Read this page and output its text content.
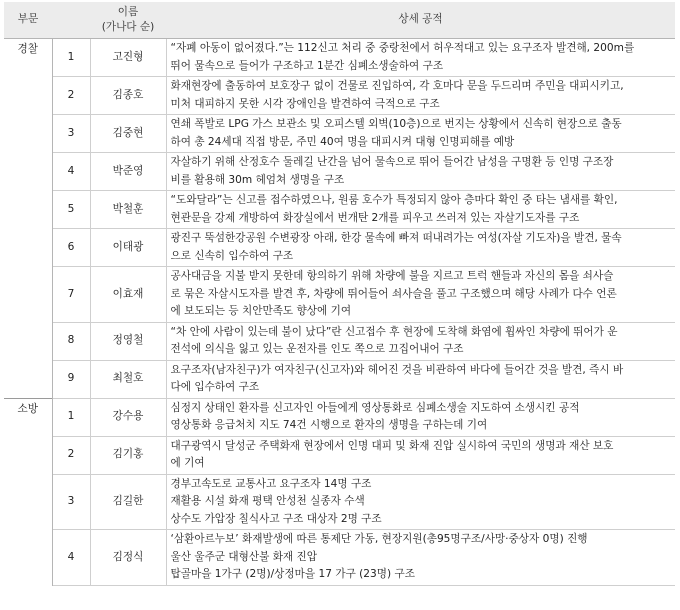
부문		이름
(가나다 순)	상세 공적
경찰	1	고진형	“자폐 아동이 없어졌다.”는 112신고 처리 중 중랑천에서 허우적대고 있는 요구조자 발견해, 200m를
뛰어 물속으로 들어가 구조하고 1분간 심폐소생술하여 구조

	2	김종호	화재현장에 출동하여 보호장구 없이 건물로 진입하여, 각 호마다 문을 두드리며 주민을 대피시키고,
미처 대피하지 못한 시각 장애인을 발견하여 극적으로 구조

	3	김중현	연쇄 폭발로 LPG 가스 보관소 및 오피스텔 외벽(10층)으로 번지는 상황에서 신속히 현장으로 출동
하여 총 24세대 직접 방문, 주민 40여 명을 대피시켜 대형 인명피해를 예방

	4	박준영	자살하기 위해 산정호수 둘레길 난간을 넘어 물속으로 뛰어 들어간 남성을 구명환 등 인명 구조장
비를 활용해 30m 헤엄쳐 생명을 구조

	5	박철훈	“도와달라”는 신고를 접수하였으나, 원룸 호수가 특정되지 않아 층마다 확인 중 타는 냄새를 확인,
현관문을 강제 개방하여 화장실에서 번개탄 2개를 피우고 쓰러져 있는 자살기도자를 구조

	6	이태광	광진구 뚝섬한강공원 수변광장 아래, 한강 물속에 빠져 떠내려가는 여성(자살 기도자)을 발견, 물속
으로 신속히 입수하여 구조

	7	이효재	공사대금을 지불 받지 못한데 항의하기 위해 차량에 불을 지르고 트럭 핸들과 자신의 몸을 쇠사슬
로 묶은 자살시도자를 발견 후, 차량에 뛰어들어 쇠사슬을 풀고 구조했으며 해당 사례가 다수 언론
에 보도되는 등 치안만족도 향상에 기여

	8	정영철	“차 안에 사람이 있는데 불이 났다”란 신고접수 후 현장에 도착해 화염에 휩싸인 차량에 뛰어가 운
전석에 의식을 잃고 있는 운전자를 인도 쪽으로 끄집어내어 구조

	9	최철호	요구조자(남자친구)가 여자친구(신고자)와 헤어진 것을 비관하여 바다에 들어간 것을 발견, 즉시 바
다에 입수하여 구조

소방	1	강수용	심정지 상태인 환자를 신고자인 아들에게 영상통화로 심폐소생술 지도하여 소생시킨 공적
영상통화 응급처치 지도 74건 시행으로 환자의 생명을 구하는데 기여

	2	김기홍	대구광역시 달성군 주택화재 현장에서 인명 대피 및 화재 진압 실시하여 국민의 생명과 재산 보호
에 기여

	3	김길한	경부고속도로 교통사고 요구조자 14명 구조
재활용 시설 화재 평택 안성천 실종자 수색
상수도 가압장 칠식사고 구조 대상자 2명 구조

	4	김정식	‘삼환아르누보’ 화재발생에 따른 통제단 가동, 현장지원(총95명구조/사망·중상자 0명) 진행
울산 울주군 대형산불 화재 진압
탑골마을 1가구 (2명)/상정마을 17 가구 (23명) 구조
